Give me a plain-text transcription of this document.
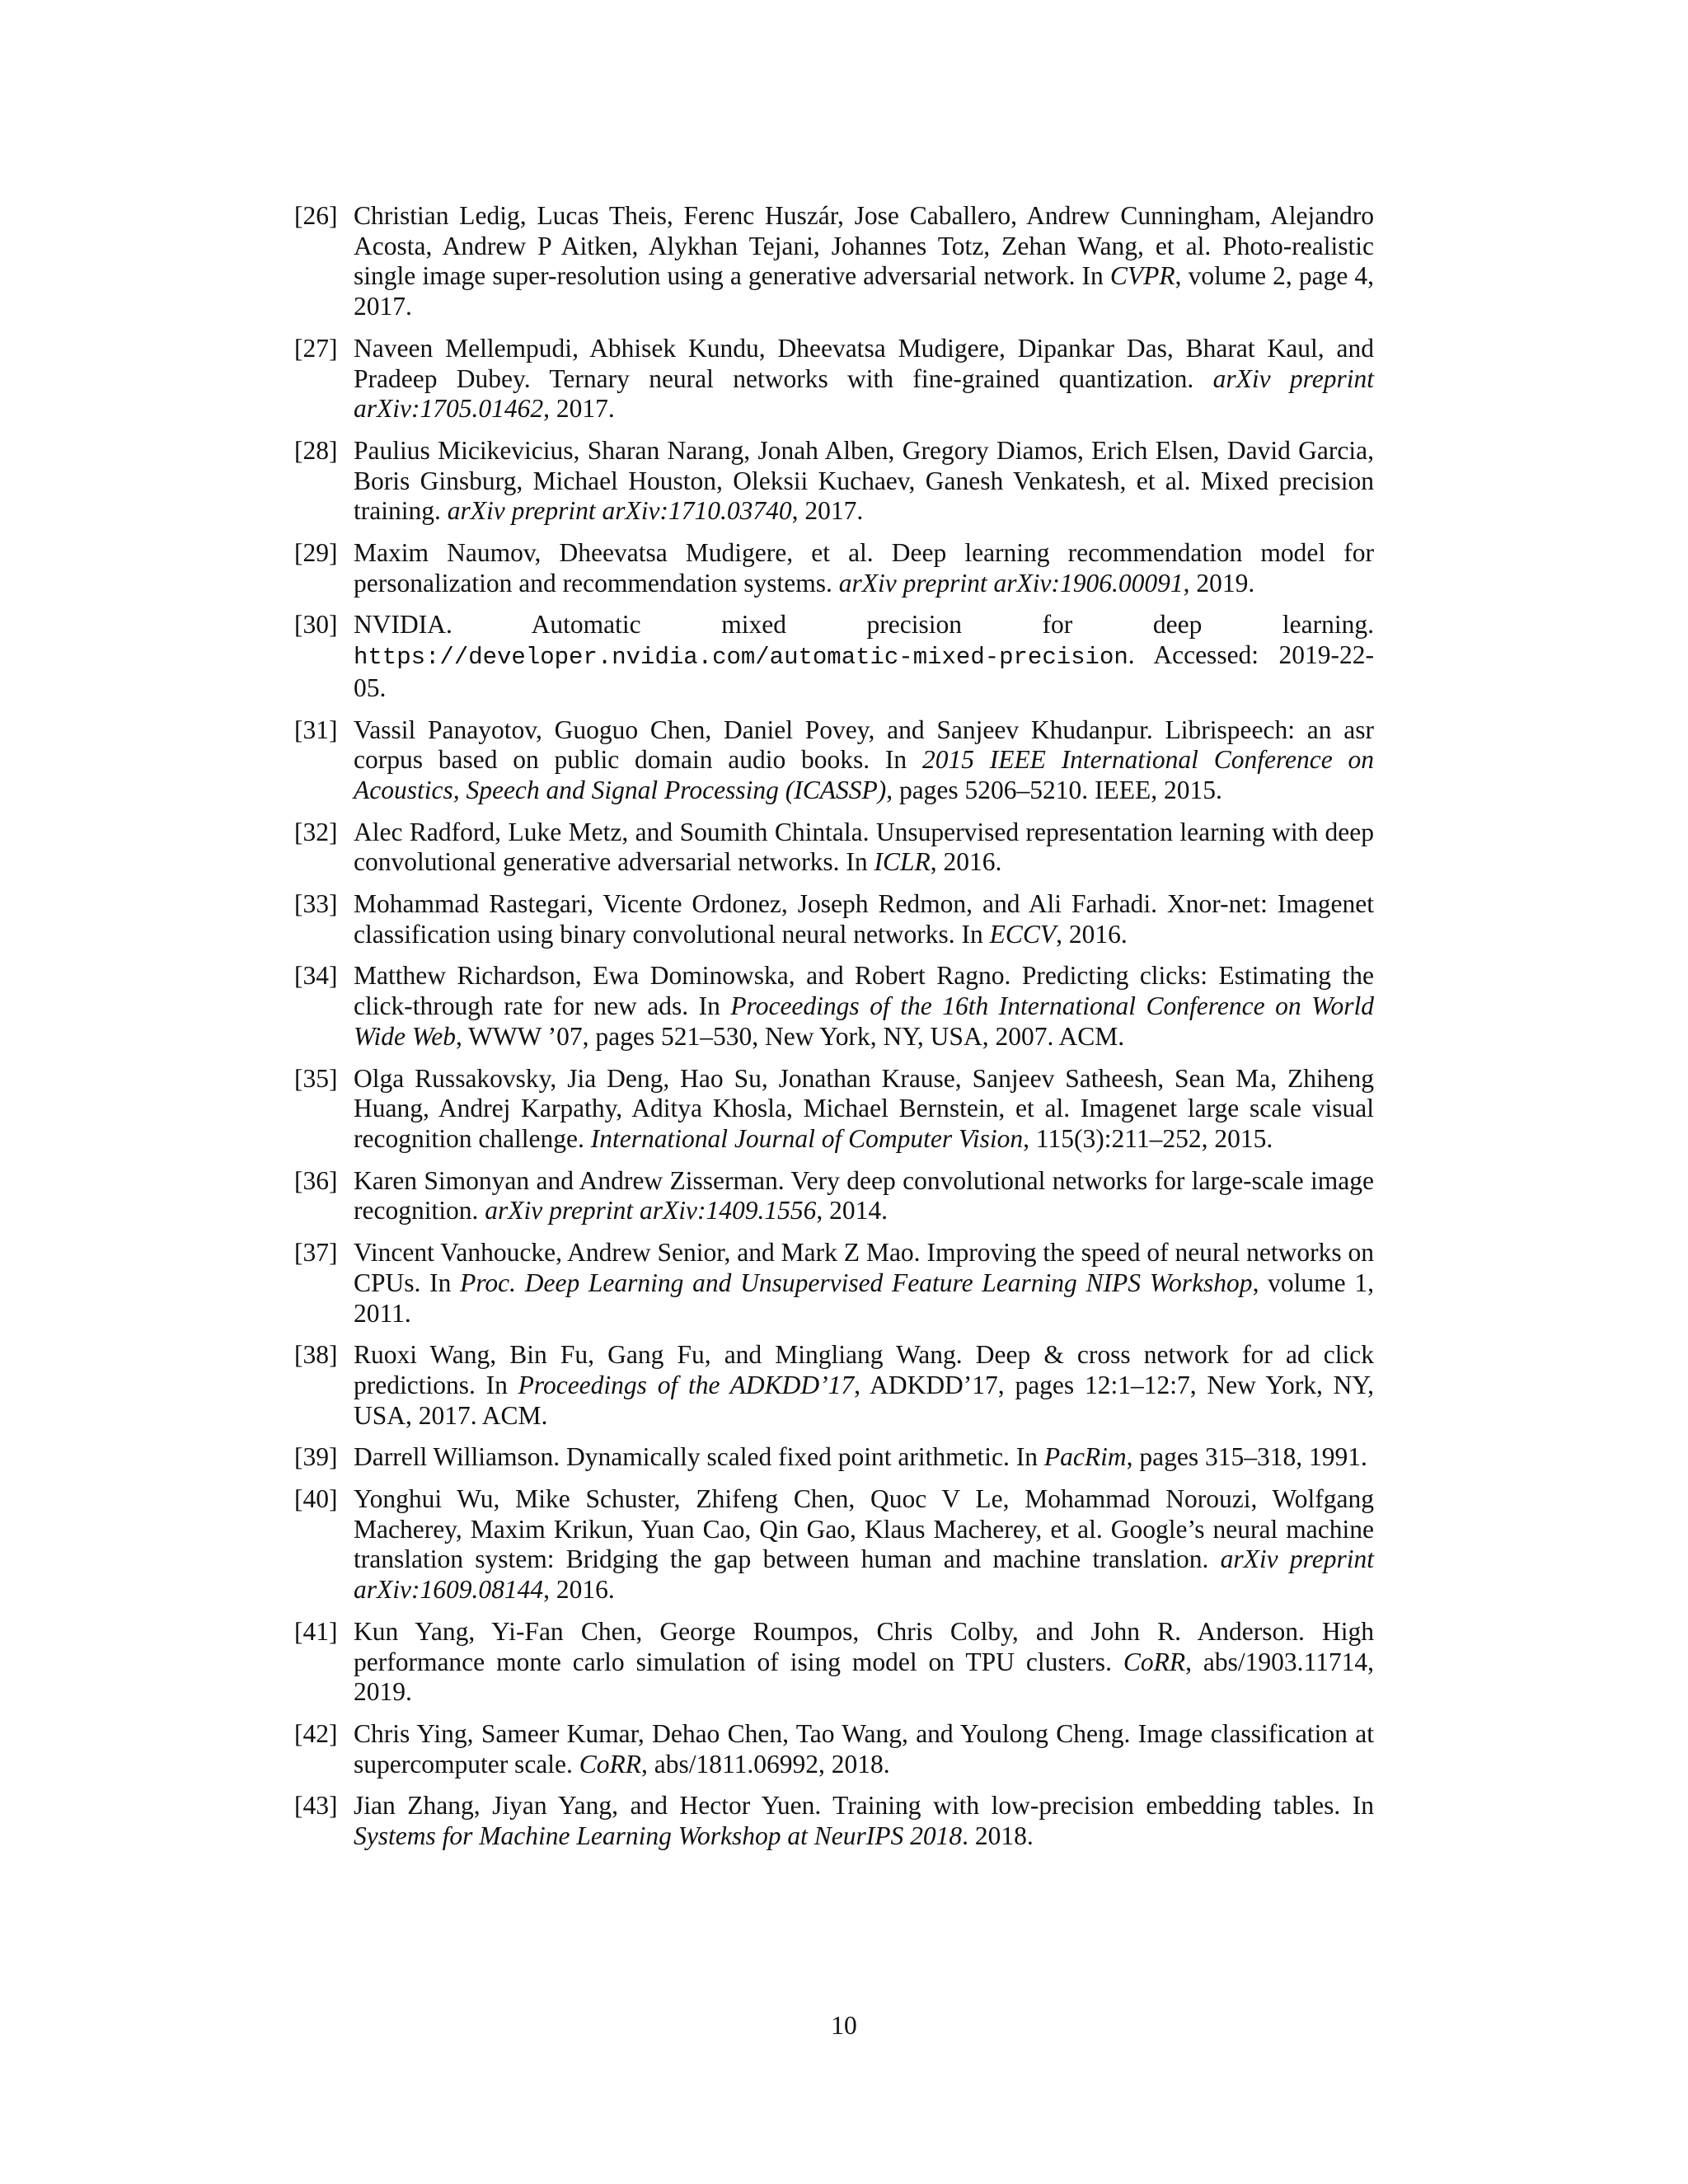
[26] Christian Ledig, Lucas Theis, Ferenc Huszár, Jose Caballero, Andrew Cunningham, Alejandro Acosta, Andrew P Aitken, Alykhan Tejani, Johannes Totz, Zehan Wang, et al. Photo-realistic single image super-resolution using a generative adversarial network. In CVPR, volume 2, page 4, 2017.
[27] Naveen Mellempudi, Abhisek Kundu, Dheevatsa Mudigere, Dipankar Das, Bharat Kaul, and Pradeep Dubey. Ternary neural networks with fine-grained quantization. arXiv preprint arXiv:1705.01462, 2017.
[28] Paulius Micikevicius, Sharan Narang, Jonah Alben, Gregory Diamos, Erich Elsen, David Garcia, Boris Ginsburg, Michael Houston, Oleksii Kuchaev, Ganesh Venkatesh, et al. Mixed precision training. arXiv preprint arXiv:1710.03740, 2017.
[29] Maxim Naumov, Dheevatsa Mudigere, et al. Deep learning recommendation model for personalization and recommendation systems. arXiv preprint arXiv:1906.00091, 2019.
[30] NVIDIA. Automatic mixed precision for deep learning. https://developer.nvidia.com/automatic-mixed-precision. Accessed: 2019-22-05.
[31] Vassil Panayotov, Guoguo Chen, Daniel Povey, and Sanjeev Khudanpur. Librispeech: an asr corpus based on public domain audio books. In 2015 IEEE International Conference on Acoustics, Speech and Signal Processing (ICASSP), pages 5206–5210. IEEE, 2015.
[32] Alec Radford, Luke Metz, and Soumith Chintala. Unsupervised representation learning with deep convolutional generative adversarial networks. In ICLR, 2016.
[33] Mohammad Rastegari, Vicente Ordonez, Joseph Redmon, and Ali Farhadi. Xnor-net: Imagenet classification using binary convolutional neural networks. In ECCV, 2016.
[34] Matthew Richardson, Ewa Dominowska, and Robert Ragno. Predicting clicks: Estimating the click-through rate for new ads. In Proceedings of the 16th International Conference on World Wide Web, WWW ’07, pages 521–530, New York, NY, USA, 2007. ACM.
[35] Olga Russakovsky, Jia Deng, Hao Su, Jonathan Krause, Sanjeev Satheesh, Sean Ma, Zhiheng Huang, Andrej Karpathy, Aditya Khosla, Michael Bernstein, et al. Imagenet large scale visual recognition challenge. International Journal of Computer Vision, 115(3):211–252, 2015.
[36] Karen Simonyan and Andrew Zisserman. Very deep convolutional networks for large-scale image recognition. arXiv preprint arXiv:1409.1556, 2014.
[37] Vincent Vanhoucke, Andrew Senior, and Mark Z Mao. Improving the speed of neural networks on CPUs. In Proc. Deep Learning and Unsupervised Feature Learning NIPS Workshop, volume 1, 2011.
[38] Ruoxi Wang, Bin Fu, Gang Fu, and Mingliang Wang. Deep & cross network for ad click predictions. In Proceedings of the ADKDD’17, ADKDD’17, pages 12:1–12:7, New York, NY, USA, 2017. ACM.
[39] Darrell Williamson. Dynamically scaled fixed point arithmetic. In PacRim, pages 315–318, 1991.
[40] Yonghui Wu, Mike Schuster, Zhifeng Chen, Quoc V Le, Mohammad Norouzi, Wolfgang Macherey, Maxim Krikun, Yuan Cao, Qin Gao, Klaus Macherey, et al. Google’s neural machine translation system: Bridging the gap between human and machine translation. arXiv preprint arXiv:1609.08144, 2016.
[41] Kun Yang, Yi-Fan Chen, George Roumpos, Chris Colby, and John R. Anderson. High performance monte carlo simulation of ising model on TPU clusters. CoRR, abs/1903.11714, 2019.
[42] Chris Ying, Sameer Kumar, Dehao Chen, Tao Wang, and Youlong Cheng. Image classification at supercomputer scale. CoRR, abs/1811.06992, 2018.
[43] Jian Zhang, Jiyan Yang, and Hector Yuen. Training with low-precision embedding tables. In Systems for Machine Learning Workshop at NeurIPS 2018. 2018.
10
